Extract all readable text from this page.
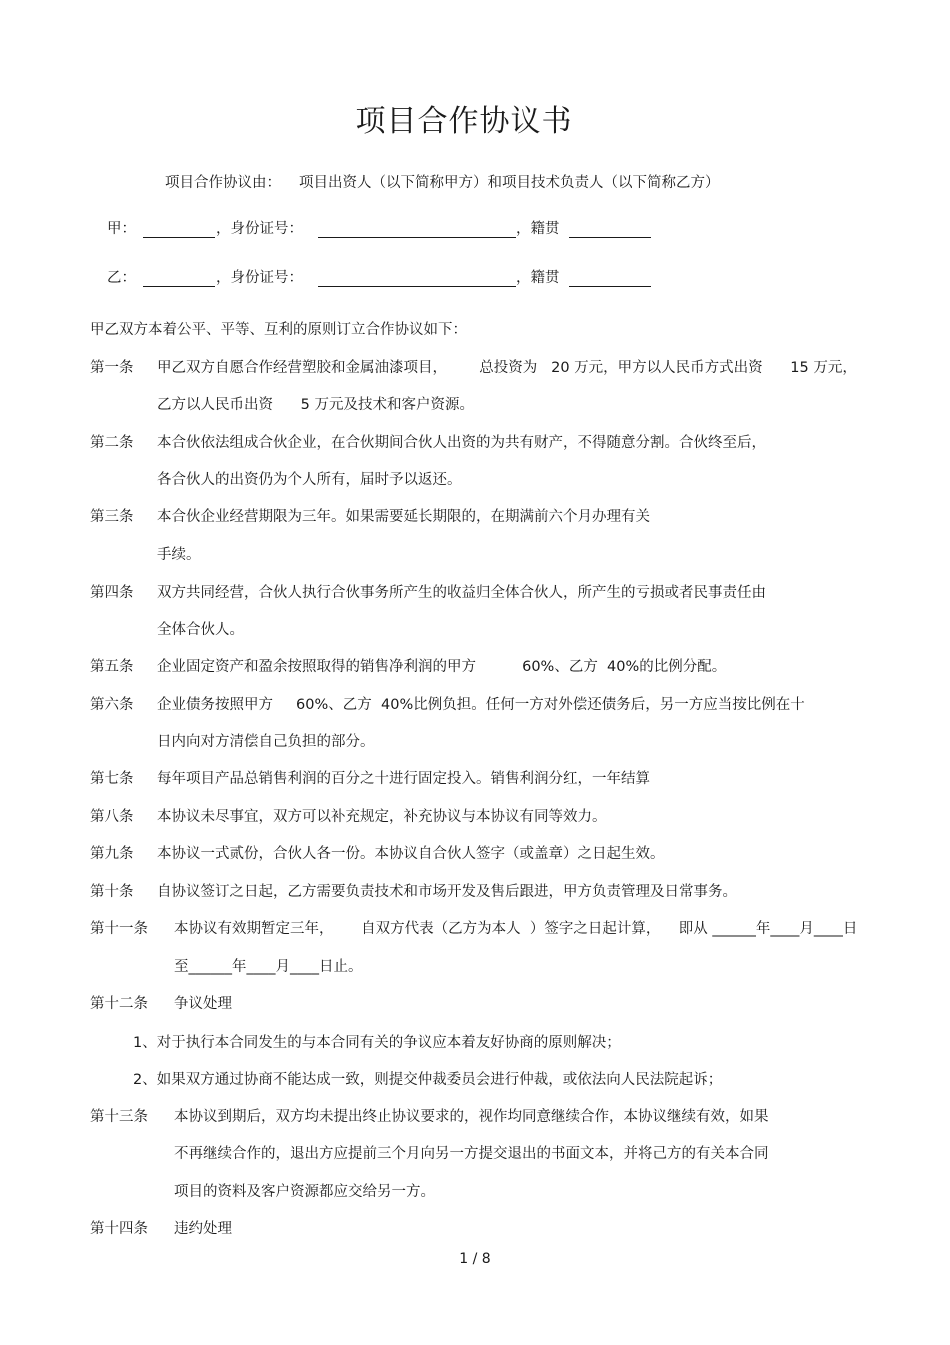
项目合作协议书
项目合作协议由： 项目出资人（以下简称甲方）和项目技术负责人（以下简称乙方）
甲：	，身份证号：	，籍贯
乙：	，身份证号：	，籍贯
甲乙双方本着公平、平等、互利的原则订立合作协议如下：
第一条 甲乙双方自愿合作经营塑胶和金属油漆项目，       总投资为   20 万元，甲方以人民币方式出资      15 万元，
乙方以人民币出资      5 万元及技术和客户资源。
第二条 本合伙依法组成合伙企业，在合伙期间合伙人出资的为共有财产，不得随意分割。合伙终至后，
各合伙人的出资仍为个人所有，届时予以返还。
第三条 本合伙企业经营期限为三年。如果需要延长期限的，在期满前六个月办理有关
手续。
第四条 双方共同经营，合伙人执行合伙事务所产生的收益归全体合伙人，所产生的亏损或者民事责任由
全体合伙人。
第五条 企业固定资产和盈余按照取得的销售净利润的甲方          60%、乙方  40%的比例分配。
第六条 企业债务按照甲方     60%、乙方  40%比例负担。任何一方对外偿还债务后，另一方应当按比例在十
日内向对方清偿自己负担的部分。
第七条 每年项目产品总销售利润的百分之十进行固定投入。销售利润分红，一年结算
第八条 本协议未尽事宜，双方可以补充规定，补充协议与本协议有同等效力。
第九条 本协议一式贰份，合伙人各一份。本协议自合伙人签字（或盖章）之日起生效。
第十条 自协议签订之日起，乙方需要负责技术和市场开发及售后跟进，甲方负责管理及日常事务。
第十一条 本协议有效期暂定三年，      自双方代表（乙方为本人  ）签字之日起计算，    即从 ______年____月____日
至______年____月____日止。
第十二条 争议处理
1、对于执行本合同发生的与本合同有关的争议应本着友好协商的原则解决；
2、如果双方通过协商不能达成一致，则提交仲裁委员会进行仲裁，或依法向人民法院起诉；
第十三条 本协议到期后，双方均未提出终止协议要求的，视作均同意继续合作，本协议继续有效，如果
不再继续合作的，退出方应提前三个月向另一方提交退出的书面文本，并将己方的有关本合同
项目的资料及客户资源都应交给另一方。
第十四条 违约处理
1 / 8
